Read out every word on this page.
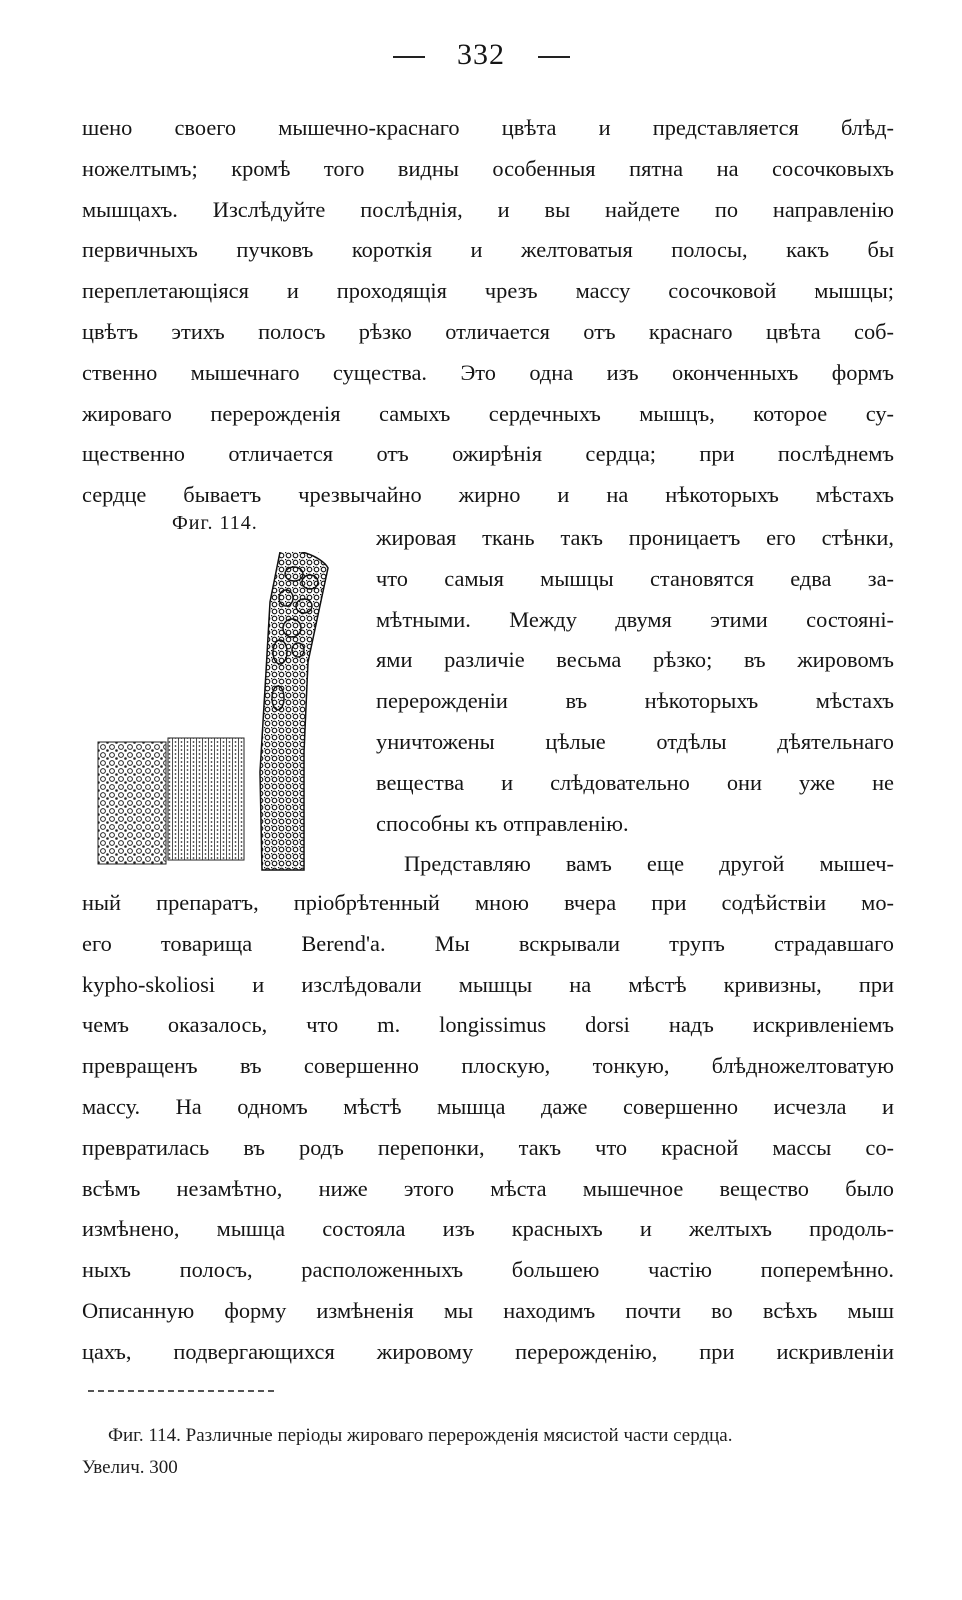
332
шено своего мышечно-краснаго цвѣта и представляется блѣд-
ножелтымъ; кромѣ того видны особенныя пятна на сосочковыхъ
мышцахъ. Изслѣдуйте послѣднія, и вы найдете по направленію
первичныхъ пучковъ короткія и желтоватыя полосы, какъ бы
переплетающіяся и проходящія чрезъ массу сосочковой мышцы;
цвѣтъ этихъ полосъ рѣзко отличается отъ краснаго цвѣта соб-
ственно мышечнаго существа. Это одна изъ оконченныхъ формъ
жироваго перерожденія самыхъ сердечныхъ мышцъ, которое су-
щественно отличается отъ ожирѣнія сердца; при послѣднемъ
сердце бываетъ чрезвычайно жирно и на нѣкоторыхъ мѣстахъ
Фиг. 114.
жировая ткань такъ проницаетъ его стѣнки,
что самыя мышцы становятся едва за-
мѣтными. Между двумя этими состояні-
ями различіе весьма рѣзко; въ жировомъ
перерожденіи въ нѣкоторыхъ мѣстахъ
уничтожены цѣлые отдѣлы дѣятельнаго
вещества и слѣдовательно они уже не
способны къ отправленію.
Представляю вамъ еще другой мышеч-
ный препаратъ, пріобрѣтенный мною вчера при содѣйствіи мо-
его товарища Berend'a. Мы вскрывали трупъ страдавшаго
kypho-skoliosi и изслѣдовали мышцы на мѣстѣ кривизны, при
чемъ оказалось, что m. longissimus dorsi надъ искривленіемъ
превращенъ въ совершенно плоскую, тонкую, блѣдножелтоватую
массу. На одномъ мѣстѣ мышца даже совершенно исчезла и
превратилась въ родъ перепонки, такъ что красной массы со-
всѣмъ незамѣтно, ниже этого мѣста мышечное вещество было
измѣнено, мышца состояла изъ красныхъ и желтыхъ продоль-
ныхъ полосъ, расположенныхъ большею частію поперемѣнно.
Описанную форму измѣненія мы находимъ почти во всѣхъ мыш
цахъ, подвергающихся жировому перерожденію, при искривленіи
Фиг. 114. Различные періоды жироваго перерожденія мясистой части сердца.
Увелич. 300
